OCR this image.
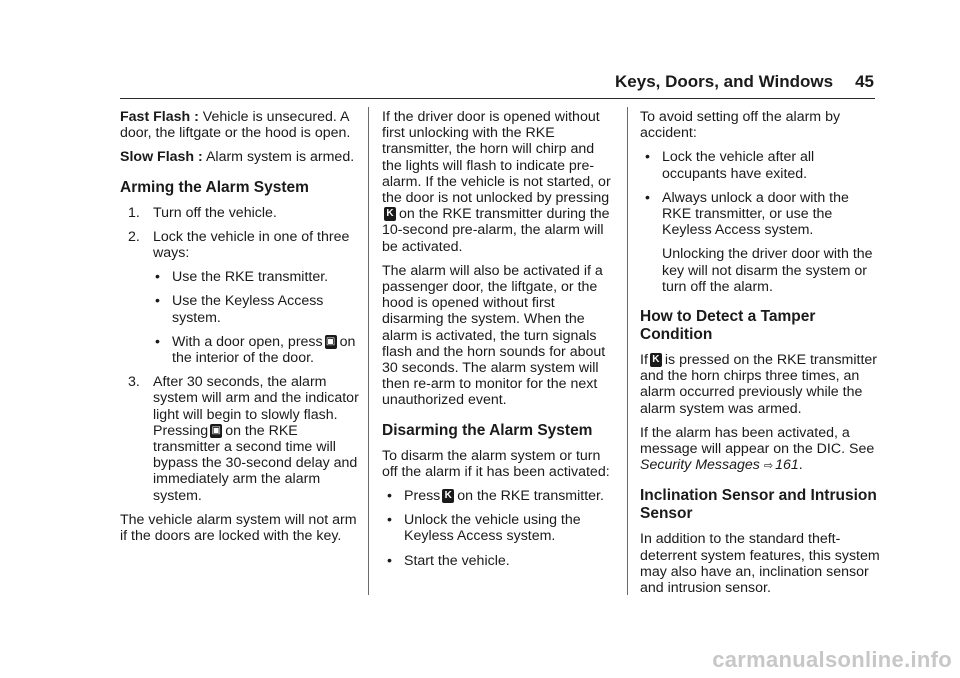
Keys, Doors, and Windows 45

Fast Flash : Vehicle is unsecured. A door, the liftgate or the hood is open.

Slow Flash : Alarm system is armed.

Arming the Alarm System
1. Turn off the vehicle.
2. Lock the vehicle in one of three ways:
• Use the RKE transmitter.
• Use the Keyless Access system.
• With a door open, press ▣ on the interior of the door.
3. After 30 seconds, the alarm system will arm and the indicator light will begin to slowly flash. Pressing ▣ on the RKE transmitter a second time will bypass the 30-second delay and immediately arm the alarm system.

The vehicle alarm system will not arm if the doors are locked with the key.

If the driver door is opened without first unlocking with the RKE transmitter, the horn will chirp and the lights will flash to indicate pre-alarm. If the vehicle is not started, or the door is not unlocked by pressing
K on the RKE transmitter during the 10-second pre-alarm, the alarm will be activated.

The alarm will also be activated if a passenger door, the liftgate, or the hood is opened without first disarming the system. When the alarm is activated, the turn signals flash and the horn sounds for about 30 seconds. The alarm system will then re-arm to monitor for the next unauthorized event.

Disarming the Alarm System

To disarm the alarm system or turn off the alarm if it has been activated:

• Press K on the RKE transmitter.
• Unlock the vehicle using the Keyless Access system.
• Start the vehicle.

To avoid setting off the alarm by accident:

• Lock the vehicle after all occupants have exited.
• Always unlock a door with the RKE transmitter, or use the Keyless Access system.

Unlocking the driver door with the key will not disarm the system or turn off the alarm.

How to Detect a Tamper Condition

If K is pressed on the RKE transmitter and the horn chirps three times, an alarm occurred previously while the alarm system was armed.

If the alarm has been activated, a message will appear on the DIC. See Security Messages ⇨ 161.

Inclination Sensor and Intrusion Sensor

In addition to the standard theft-deterrent system features, this system may also have an, inclination sensor and intrusion sensor.

carmanualsonline.info
